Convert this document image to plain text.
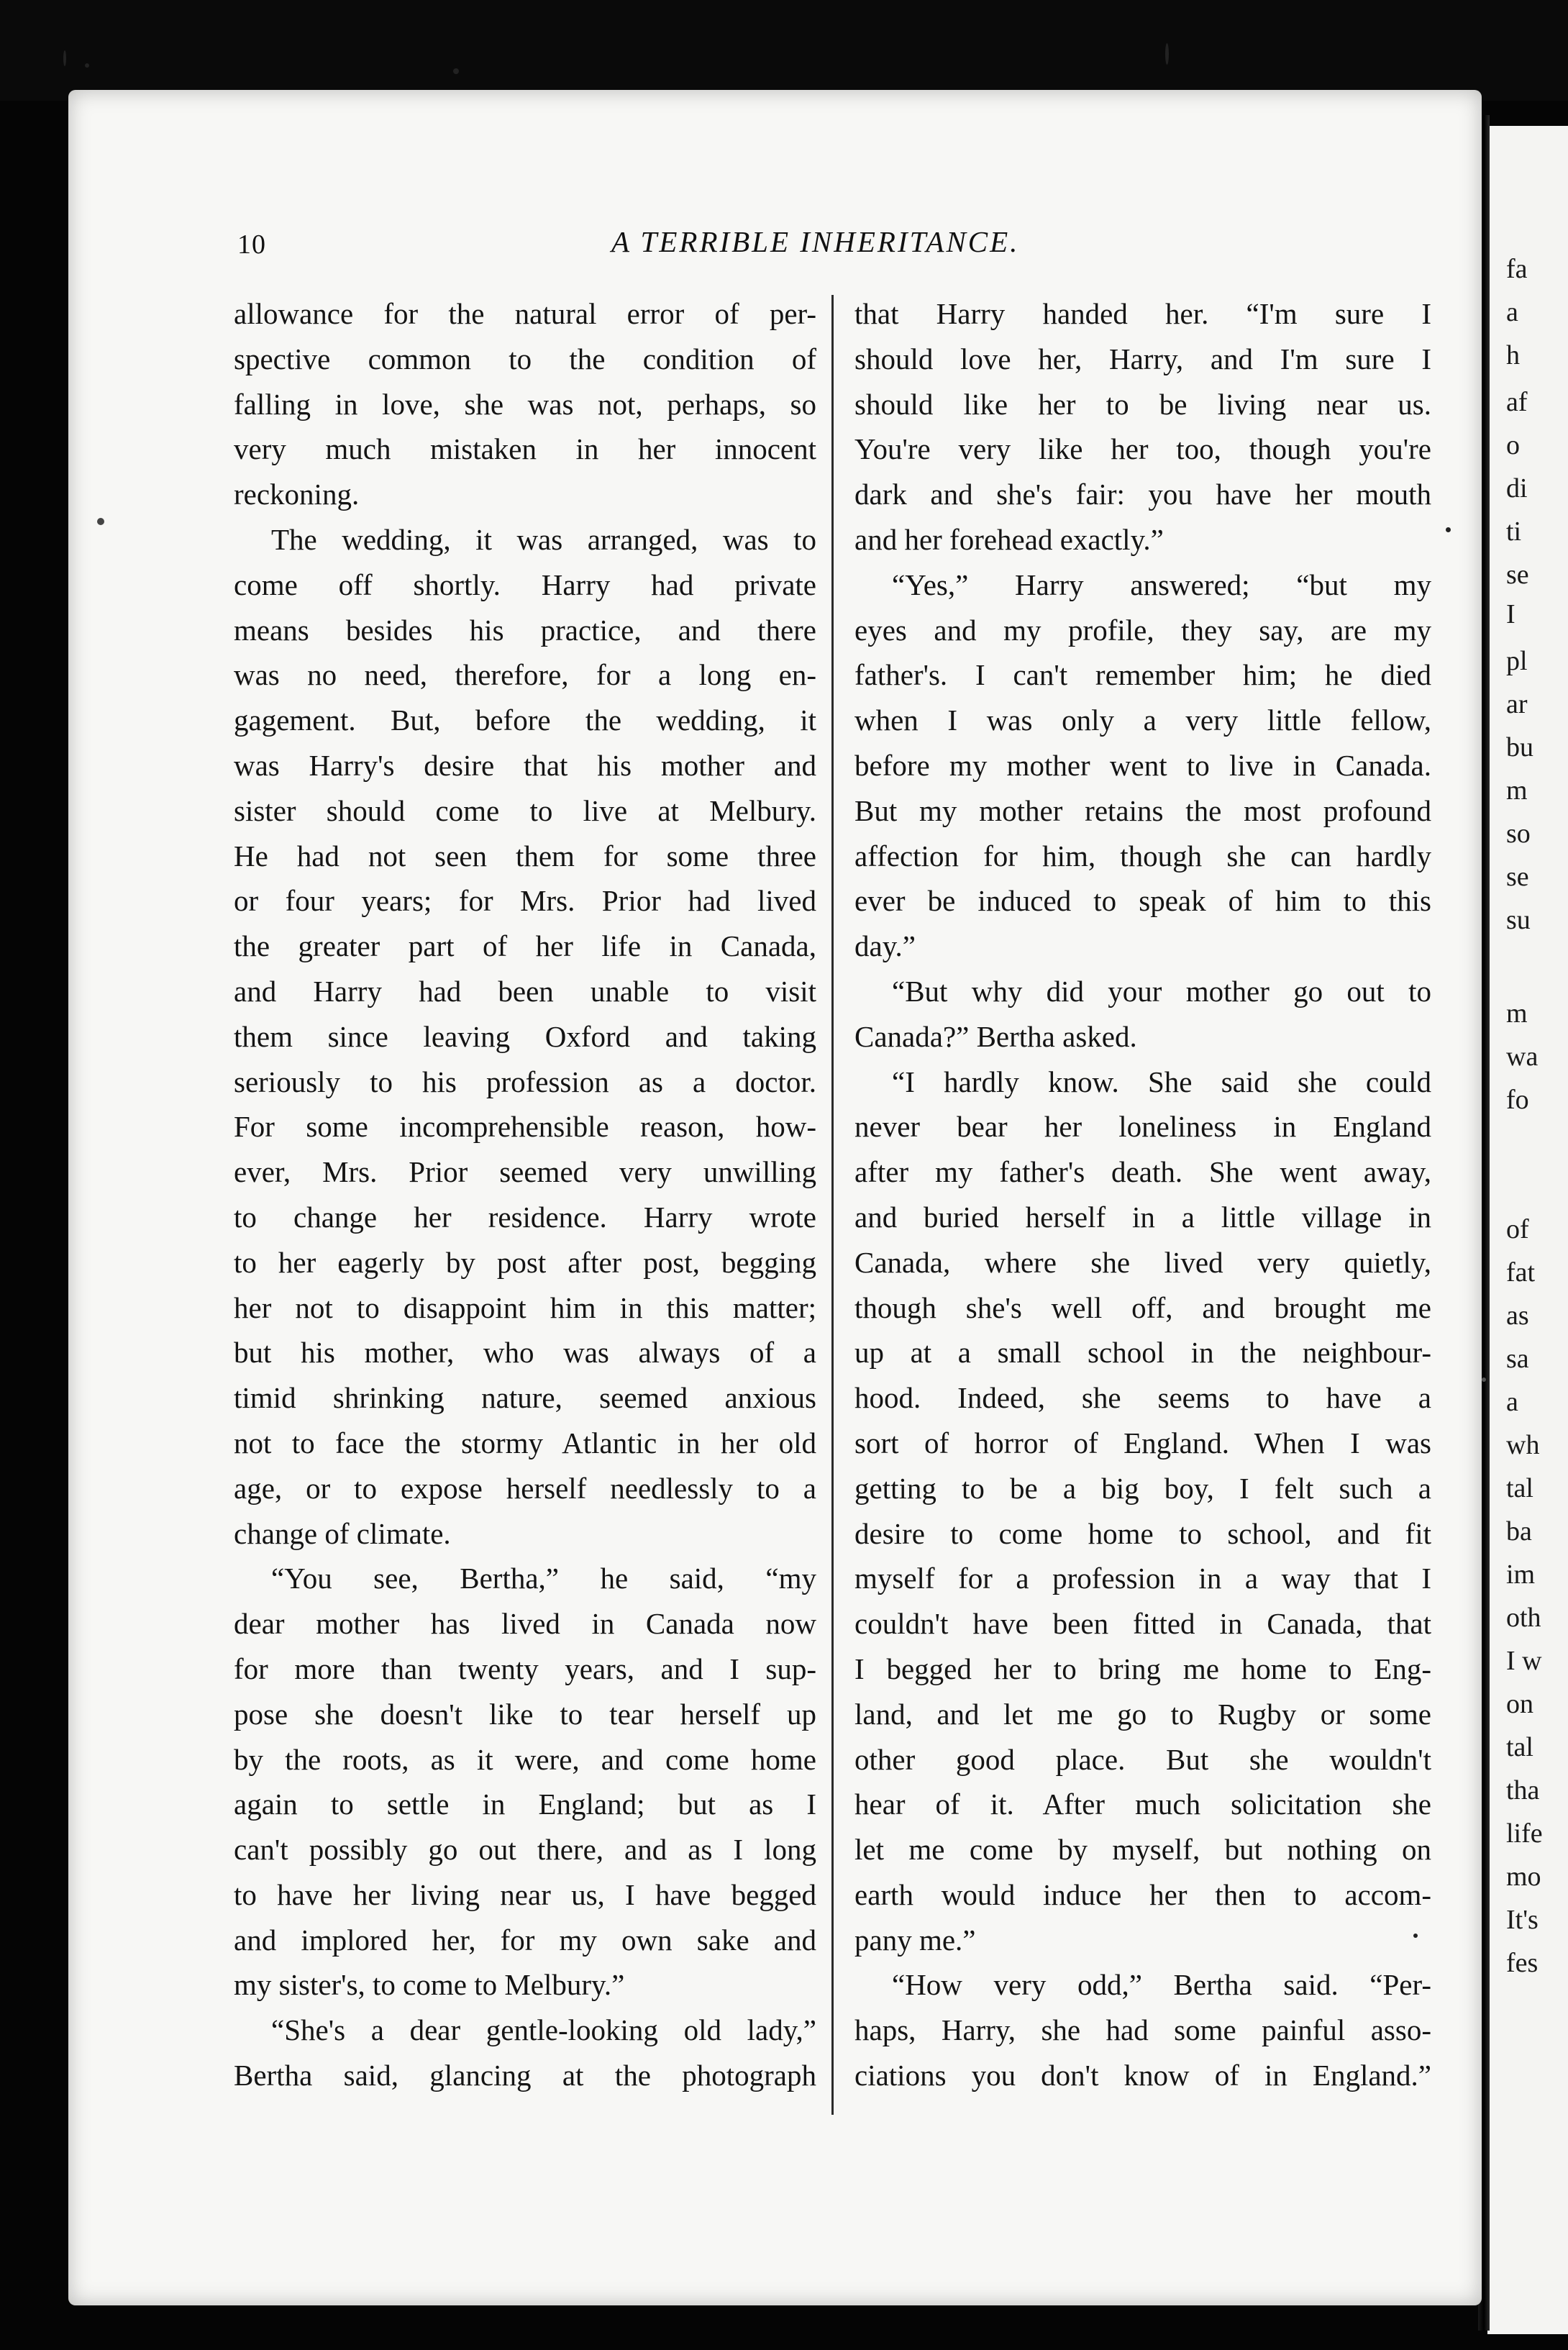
fa
a
h
af
o
di
ti
se
I
pl
ar
bu
m
so
se
su
m
wa
fo
of
fat
as
sa
a
wh
tal
ba
im
oth
I w
on
tal
tha
life
mo
It's
fes
10	A TERRIBLE INHERITANCE.
allowance for the natural error of per-
spective common to the condition of
falling in love, she was not, perhaps, so
very much mistaken in her innocent
reckoning.
The wedding, it was arranged, was to
come off shortly. Harry had private
means besides his practice, and there
was no need, therefore, for a long en-
gagement. But, before the wedding, it
was Harry's desire that his mother and
sister should come to live at Melbury.
He had not seen them for some three
or four years; for Mrs. Prior had lived
the greater part of her life in Canada,
and Harry had been unable to visit
them since leaving Oxford and taking
seriously to his profession as a doctor.
For some incomprehensible reason, how-
ever, Mrs. Prior seemed very unwilling
to change her residence. Harry wrote
to her eagerly by post after post, begging
her not to disappoint him in this matter;
but his mother, who was always of a
timid shrinking nature, seemed anxious
not to face the stormy Atlantic in her old
age, or to expose herself needlessly to a
change of climate.
“You see, Bertha,” he said, “my
dear mother has lived in Canada now
for more than twenty years, and I sup-
pose she doesn't like to tear herself up
by the roots, as it were, and come home
again to settle in England; but as I
can't possibly go out there, and as I long
to have her living near us, I have begged
and implored her, for my own sake and
my sister's, to come to Melbury.”
“She's a dear gentle-looking old lady,”
Bertha said, glancing at the photograph
that Harry handed her. “I'm sure I
should love her, Harry, and I'm sure I
should like her to be living near us.
You're very like her too, though you're
dark and she's fair: you have her mouth
and her forehead exactly.”
“Yes,” Harry answered; “but my
eyes and my profile, they say, are my
father's. I can't remember him; he died
when I was only a very little fellow,
before my mother went to live in Canada.
But my mother retains the most profound
affection for him, though she can hardly
ever be induced to speak of him to this
day.”
“But why did your mother go out to
Canada?” Bertha asked.
“I hardly know. She said she could
never bear her loneliness in England
after my father's death. She went away,
and buried herself in a little village in
Canada, where she lived very quietly,
though she's well off, and brought me
up at a small school in the neighbour-
hood. Indeed, she seems to have a
sort of horror of England. When I was
getting to be a big boy, I felt such a
desire to come home to school, and fit
myself for a profession in a way that I
couldn't have been fitted in Canada, that
I begged her to bring me home to Eng-
land, and let me go to Rugby or some
other good place. But she wouldn't
hear of it. After much solicitation she
let me come by myself, but nothing on
earth would induce her then to accom-
pany me.”
“How very odd,” Bertha said. “Per-
haps, Harry, she had some painful asso-
ciations you don't know of in England.”
